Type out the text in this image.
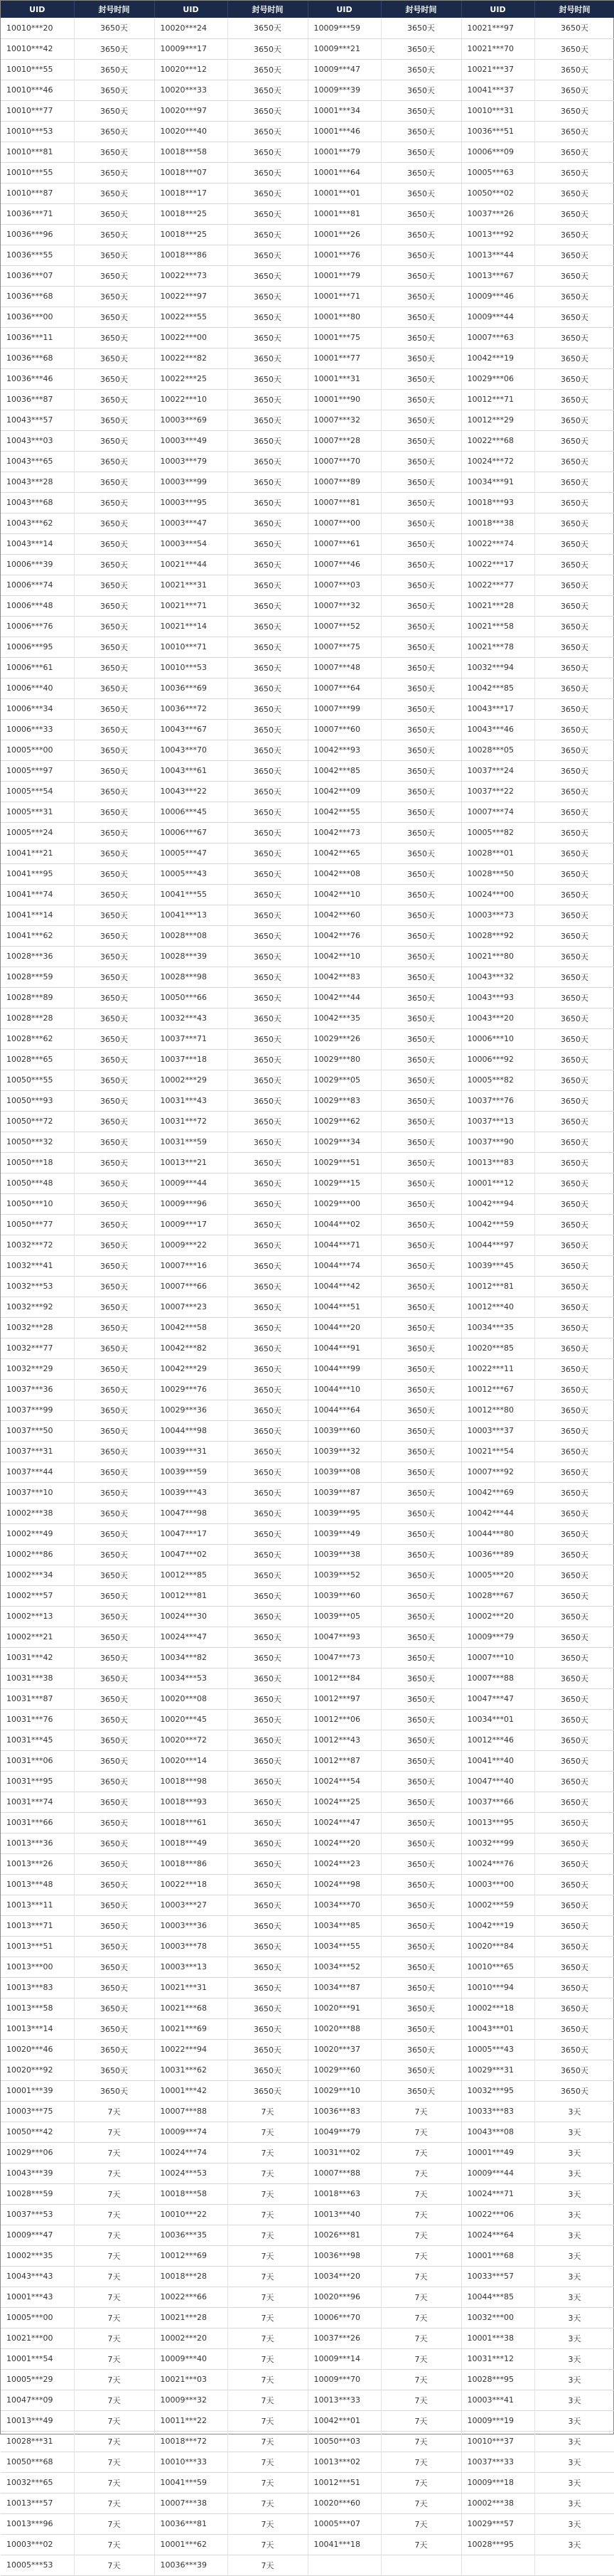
UID	封号时间	UID	封号时间	UID	封号时间	UID	封号时间
10010***20	3650天	10020***24	3650天	10009***59	3650天	10021***97	3650天
10010***42	3650天	10009***17	3650天	10009***21	3650天	10021***70	3650天
10010***55	3650天	10020***12	3650天	10009***47	3650天	10021***37	3650天
10010***46	3650天	10020***33	3650天	10009***39	3650天	10041***37	3650天
10010***77	3650天	10020***97	3650天	10001***34	3650天	10010***31	3650天
10010***53	3650天	10020***40	3650天	10001***46	3650天	10036***51	3650天
10010***81	3650天	10018***58	3650天	10001***79	3650天	10006***09	3650天
10010***55	3650天	10018***07	3650天	10001***64	3650天	10005***63	3650天
10010***87	3650天	10018***17	3650天	10001***01	3650天	10050***02	3650天
10036***71	3650天	10018***25	3650天	10001***81	3650天	10037***26	3650天
10036***96	3650天	10018***25	3650天	10001***26	3650天	10013***92	3650天
10036***55	3650天	10018***86	3650天	10001***76	3650天	10013***44	3650天
10036***07	3650天	10022***73	3650天	10001***79	3650天	10013***67	3650天
10036***68	3650天	10022***97	3650天	10001***71	3650天	10009***46	3650天
10036***00	3650天	10022***55	3650天	10001***80	3650天	10009***44	3650天
10036***11	3650天	10022***00	3650天	10001***75	3650天	10007***63	3650天
10036***68	3650天	10022***82	3650天	10001***77	3650天	10042***19	3650天
10036***46	3650天	10022***25	3650天	10001***31	3650天	10029***06	3650天
10036***87	3650天	10022***10	3650天	10001***90	3650天	10012***71	3650天
10043***57	3650天	10003***69	3650天	10007***32	3650天	10012***29	3650天
10043***03	3650天	10003***49	3650天	10007***28	3650天	10022***68	3650天
10043***65	3650天	10003***79	3650天	10007***70	3650天	10024***72	3650天
10043***28	3650天	10003***99	3650天	10007***89	3650天	10034***91	3650天
10043***68	3650天	10003***95	3650天	10007***81	3650天	10018***93	3650天
10043***62	3650天	10003***47	3650天	10007***00	3650天	10018***38	3650天
10043***14	3650天	10003***54	3650天	10007***61	3650天	10022***74	3650天
10006***39	3650天	10021***44	3650天	10007***46	3650天	10022***17	3650天
10006***74	3650天	10021***31	3650天	10007***03	3650天	10022***77	3650天
10006***48	3650天	10021***71	3650天	10007***32	3650天	10021***28	3650天
10006***76	3650天	10021***14	3650天	10007***52	3650天	10021***58	3650天
10006***95	3650天	10010***71	3650天	10007***75	3650天	10021***78	3650天
10006***61	3650天	10010***53	3650天	10007***48	3650天	10032***94	3650天
10006***40	3650天	10036***69	3650天	10007***64	3650天	10042***85	3650天
10006***34	3650天	10036***72	3650天	10007***99	3650天	10043***17	3650天
10006***33	3650天	10043***67	3650天	10007***60	3650天	10043***46	3650天
10005***00	3650天	10043***70	3650天	10042***93	3650天	10028***05	3650天
10005***97	3650天	10043***61	3650天	10042***85	3650天	10037***24	3650天
10005***54	3650天	10043***22	3650天	10042***09	3650天	10037***22	3650天
10005***31	3650天	10006***45	3650天	10042***55	3650天	10007***74	3650天
10005***24	3650天	10006***67	3650天	10042***73	3650天	10005***82	3650天
10041***21	3650天	10005***47	3650天	10042***65	3650天	10028***01	3650天
10041***95	3650天	10005***43	3650天	10042***08	3650天	10028***50	3650天
10041***74	3650天	10041***55	3650天	10042***10	3650天	10024***00	3650天
10041***14	3650天	10041***13	3650天	10042***60	3650天	10003***73	3650天
10041***62	3650天	10028***08	3650天	10042***76	3650天	10028***92	3650天
10028***36	3650天	10028***39	3650天	10042***10	3650天	10021***80	3650天
10028***59	3650天	10028***98	3650天	10042***83	3650天	10043***32	3650天
10028***89	3650天	10050***66	3650天	10042***44	3650天	10043***93	3650天
10028***28	3650天	10032***43	3650天	10042***35	3650天	10043***20	3650天
10028***62	3650天	10037***71	3650天	10029***26	3650天	10006***10	3650天
10028***65	3650天	10037***18	3650天	10029***80	3650天	10006***92	3650天
10050***55	3650天	10002***29	3650天	10029***05	3650天	10005***82	3650天
10050***93	3650天	10031***43	3650天	10029***83	3650天	10037***76	3650天
10050***72	3650天	10031***72	3650天	10029***62	3650天	10037***13	3650天
10050***32	3650天	10031***59	3650天	10029***34	3650天	10037***90	3650天
10050***18	3650天	10013***21	3650天	10029***51	3650天	10013***83	3650天
10050***48	3650天	10009***44	3650天	10029***15	3650天	10001***12	3650天
10050***10	3650天	10009***96	3650天	10029***00	3650天	10042***94	3650天
10050***77	3650天	10009***17	3650天	10044***02	3650天	10042***59	3650天
10032***72	3650天	10009***22	3650天	10044***71	3650天	10044***97	3650天
10032***41	3650天	10007***16	3650天	10044***74	3650天	10039***45	3650天
10032***53	3650天	10007***66	3650天	10044***42	3650天	10012***81	3650天
10032***92	3650天	10007***23	3650天	10044***51	3650天	10012***40	3650天
10032***28	3650天	10042***58	3650天	10044***20	3650天	10034***35	3650天
10032***77	3650天	10042***82	3650天	10044***91	3650天	10020***85	3650天
10032***29	3650天	10042***29	3650天	10044***99	3650天	10022***11	3650天
10037***36	3650天	10029***76	3650天	10044***10	3650天	10012***67	3650天
10037***99	3650天	10029***36	3650天	10044***64	3650天	10012***80	3650天
10037***50	3650天	10044***98	3650天	10039***60	3650天	10003***37	3650天
10037***31	3650天	10039***31	3650天	10039***32	3650天	10021***54	3650天
10037***44	3650天	10039***59	3650天	10039***08	3650天	10007***92	3650天
10037***10	3650天	10039***43	3650天	10039***87	3650天	10042***69	3650天
10002***38	3650天	10047***98	3650天	10039***95	3650天	10042***44	3650天
10002***49	3650天	10047***17	3650天	10039***49	3650天	10044***80	3650天
10002***86	3650天	10047***02	3650天	10039***38	3650天	10036***89	3650天
10002***34	3650天	10012***85	3650天	10039***52	3650天	10005***20	3650天
10002***57	3650天	10012***81	3650天	10039***60	3650天	10028***67	3650天
10002***13	3650天	10024***30	3650天	10039***05	3650天	10002***20	3650天
10002***21	3650天	10024***47	3650天	10047***93	3650天	10009***79	3650天
10031***42	3650天	10034***82	3650天	10047***73	3650天	10007***10	3650天
10031***38	3650天	10034***53	3650天	10012***84	3650天	10007***88	3650天
10031***87	3650天	10020***08	3650天	10012***97	3650天	10047***47	3650天
10031***76	3650天	10020***45	3650天	10012***06	3650天	10034***01	3650天
10031***45	3650天	10020***72	3650天	10012***43	3650天	10012***46	3650天
10031***06	3650天	10020***14	3650天	10012***87	3650天	10041***40	3650天
10031***95	3650天	10018***98	3650天	10024***54	3650天	10047***40	3650天
10031***74	3650天	10018***93	3650天	10024***25	3650天	10037***66	3650天
10031***66	3650天	10018***61	3650天	10024***47	3650天	10013***95	3650天
10013***36	3650天	10018***49	3650天	10024***20	3650天	10032***99	3650天
10013***26	3650天	10018***86	3650天	10024***23	3650天	10024***76	3650天
10013***48	3650天	10022***18	3650天	10024***98	3650天	10003***00	3650天
10013***11	3650天	10003***27	3650天	10034***70	3650天	10002***59	3650天
10013***71	3650天	10003***36	3650天	10034***85	3650天	10042***19	3650天
10013***51	3650天	10003***78	3650天	10034***55	3650天	10020***84	3650天
10013***00	3650天	10003***13	3650天	10034***52	3650天	10010***65	3650天
10013***83	3650天	10021***31	3650天	10034***87	3650天	10010***94	3650天
10013***58	3650天	10021***68	3650天	10020***91	3650天	10002***18	3650天
10013***14	3650天	10021***69	3650天	10020***88	3650天	10043***01	3650天
10020***46	3650天	10022***94	3650天	10020***37	3650天	10005***43	3650天
10020***92	3650天	10031***62	3650天	10029***60	3650天	10029***31	3650天
10001***39	3650天	10001***42	3650天	10029***10	3650天	10032***95	3650天
10003***75	7天	10007***88	7天	10036***83	7天	10033***83	3天
10050***42	7天	10009***74	7天	10049***79	7天	10043***08	3天
10029***06	7天	10024***74	7天	10031***02	7天	10001***49	3天
10043***39	7天	10024***53	7天	10007***88	7天	10009***44	3天
10028***59	7天	10018***58	7天	10018***63	7天	10024***71	3天
10037***53	7天	10010***22	7天	10013***40	7天	10022***06	3天
10009***47	7天	10036***35	7天	10026***81	7天	10024***64	3天
10002***35	7天	10012***69	7天	10036***98	7天	10001***68	3天
10043***43	7天	10018***28	7天	10034***20	7天	10033***57	3天
10001***43	7天	10022***66	7天	10020***96	7天	10044***85	3天
10005***00	7天	10021***28	7天	10006***70	7天	10032***00	3天
10021***00	7天	10002***20	7天	10037***26	7天	10001***38	3天
10001***54	7天	10009***40	7天	10009***14	7天	10031***12	3天
10005***29	7天	10021***03	7天	10009***70	7天	10028***95	3天
10047***09	7天	10009***32	7天	10013***33	7天	10003***41	3天
10013***49	7天	10011***22	7天	10042***01	7天	10009***19	3天
10028***31	7天	10018***72	7天	10050***03	7天	10010***37	3天
10050***68	7天	10010***33	7天	10013***02	7天	10037***33	3天
10032***65	7天	10041***59	7天	10012***51	7天	10009***18	3天
10013***57	7天	10007***38	7天	10020***60	7天	10002***38	3天
10013***96	7天	10036***81	7天	10005***07	7天	10029***57	3天
10003***02	7天	10001***62	7天	10041***18	7天	10028***95	3天
10005***53	7天	10036***39	7天				
